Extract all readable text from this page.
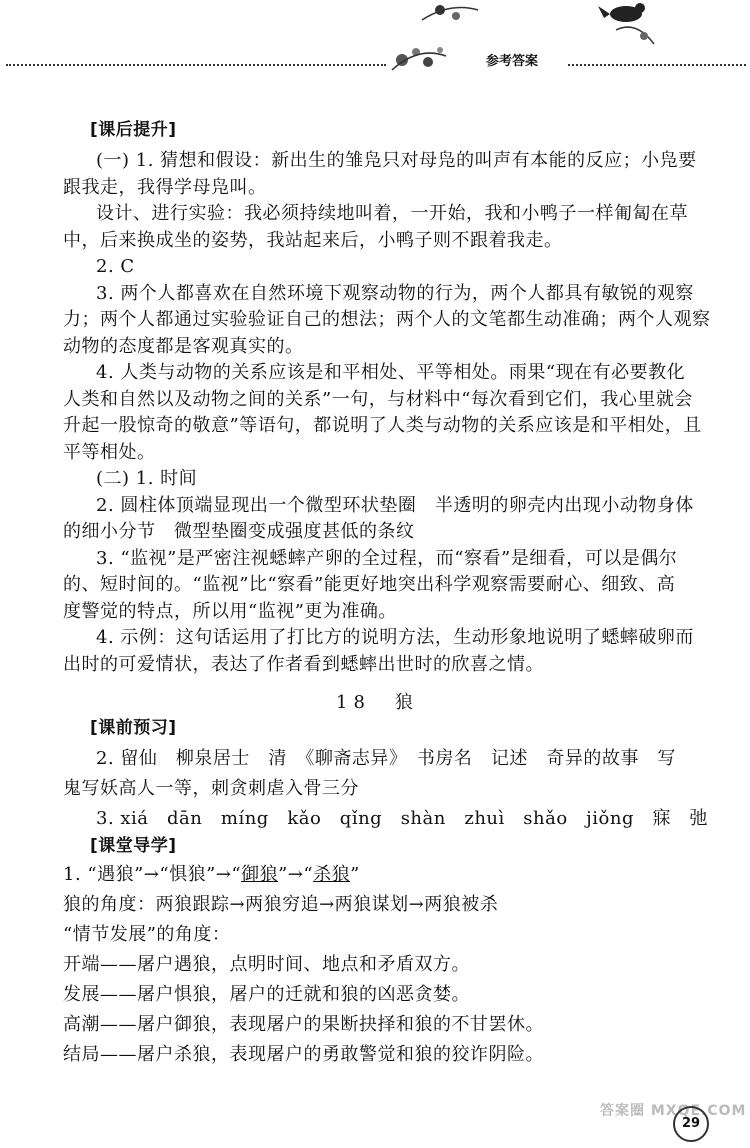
参考答案
[课后提升]
(一) 1. 猜想和假设：新出生的雏凫只对母凫的叫声有本能的反应；小凫要
跟我走，我得学母凫叫。
设计、进行实验：我必须持续地叫着，一开始，我和小鸭子一样匍匐在草
中，后来换成坐的姿势，我站起来后，小鸭子则不跟着我走。
2. C
3. 两个人都喜欢在自然环境下观察动物的行为，两个人都具有敏锐的观察
力；两个人都通过实验验证自己的想法；两个人的文笔都生动准确；两个人观察
动物的态度都是客观真实的。
4. 人类与动物的关系应该是和平相处、平等相处。雨果“现在有必要教化
人类和自然以及动物之间的关系”一句，与材料中“每次看到它们，我心里就会
升起一股惊奇的敬意”等语句，都说明了人类与动物的关系应该是和平相处，且
平等相处。
(二) 1. 时间
2. 圆柱体顶端显现出一个微型环状垫圈　半透明的卵壳内出现小动物身体
的细小分节　微型垫圈变成强度甚低的条纹
3. “监视”是严密注视蟋蟀产卵的全过程，而“察看”是细看，可以是偶尔
的、短时间的。“监视”比“察看”能更好地突出科学观察需要耐心、细致、高
度警觉的特点，所以用“监视”更为准确。
4. 示例：这句话运用了打比方的说明方法，生动形象地说明了蟋蟀破卵而
出时的可爱情状，表达了作者看到蟋蟀出世时的欣喜之情。
18　狼
[课前预习]
2. 留仙　柳泉居士　清　《聊斋志异》　书房名　记述　奇异的故事　写
鬼写妖高人一等，刺贪刺虐入骨三分
3. xiá　dān　míng　kǎo　qǐng　shàn　zhuì　shǎo　jiǒng　寐　弛
[课堂导学]
1. “遇狼”→“惧狼”→“御狼”→“杀狼”
狼的角度：两狼跟踪→两狼穷追→两狼谋划→两狼被杀
“情节发展”的角度：
开端——屠户遇狼，点明时间、地点和矛盾双方。
发展——屠户惧狼，屠户的迁就和狼的凶恶贪婪。
高潮——屠户御狼，表现屠户的果断抉择和狼的不甘罢休。
结局——屠户杀狼，表现屠户的勇敢警觉和狼的狡诈阴险。
答案圈 MXQE.COM
29
